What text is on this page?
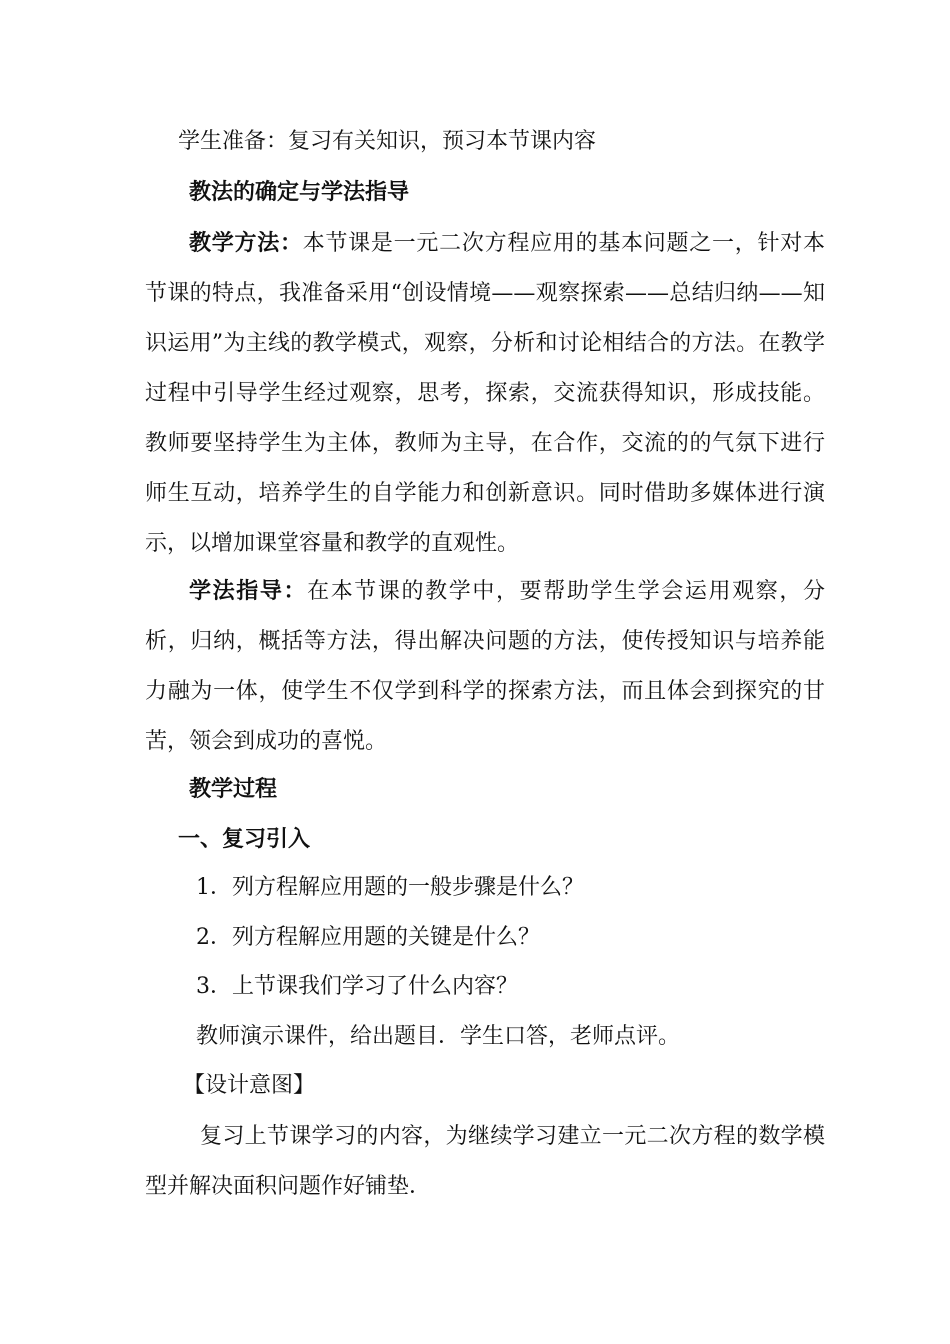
学生准备：复习有关知识，预习本节课内容
教法的确定与学法指导
教学方法：本节课是一元二次方程应用的基本问题之一，针对本节课的特点，我准备采用“创设情境——观察探索——总结归纳——知识运用”为主线的教学模式，观察，分析和讨论相结合的方法。在教学过程中引导学生经过观察，思考，探索，交流获得知识，形成技能。教师要坚持学生为主体，教师为主导，在合作，交流的的气氛下进行师生互动，培养学生的自学能力和创新意识。同时借助多媒体进行演示，以增加课堂容量和教学的直观性。
学法指导：在本节课的教学中，要帮助学生学会运用观察，分析，归纳，概括等方法，得出解决问题的方法，使传授知识与培养能力融为一体，使学生不仅学到科学的探索方法，而且体会到探究的甘苦，领会到成功的喜悦。
教学过程
一、复习引入
1．列方程解应用题的一般步骤是什么？
2．列方程解应用题的关键是什么？
3．上节课我们学习了什么内容？
教师演示课件，给出题目．学生口答，老师点评。
【设计意图】
复习上节课学习的内容，为继续学习建立一元二次方程的数学模型并解决面积问题作好铺垫．
